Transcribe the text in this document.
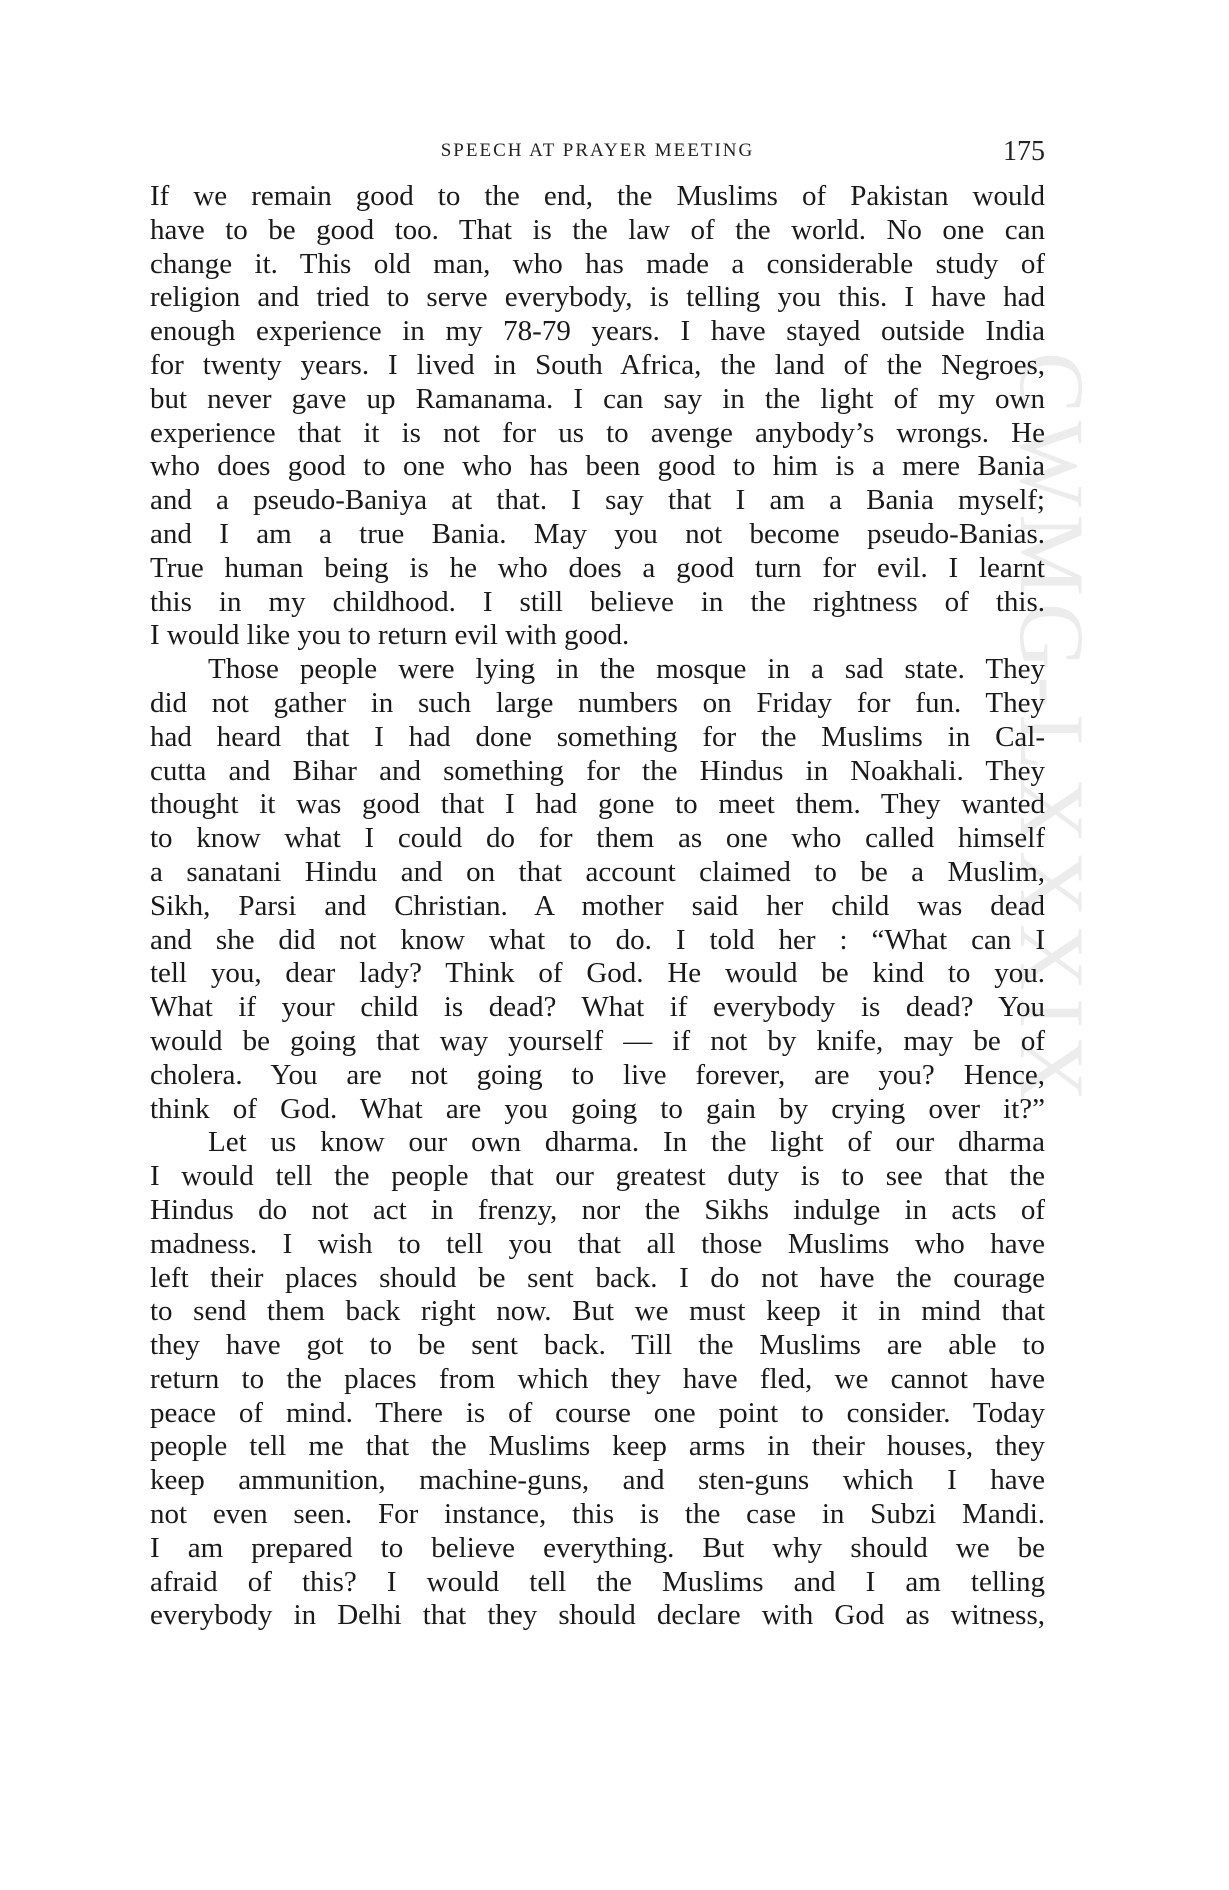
CWMG-LXXXIX
SPEECH AT PRAYER MEETING	175
If we remain good to the end, the Muslims of Pakistan would
have to be good too. That is the law of the world. No one can
change it. This old man, who has made a considerable study of
religion and tried to serve everybody, is telling you this. I have had
enough experience in my 78-79 years. I have stayed outside India
for twenty years. I lived in South Africa, the land of the Negroes,
but never gave up Ramanama. I can say in the light of my own
experience that it is not for us to avenge anybody’s wrongs. He
who does good to one who has been good to him is a mere Bania
and a pseudo-Baniya at that. I say that I am a Bania myself;
and I am a true Bania. May you not become pseudo-Banias.
True human being is he who does a good turn for evil. I learnt
this in my childhood. I still believe in the rightness of this.
I would like you to return evil with good.
Those people were lying in the mosque in a sad state. They
did not gather in such large numbers on Friday for fun. They
had heard that I had done something for the Muslims in Cal-
cutta and Bihar and something for the Hindus in Noakhali. They
thought it was good that I had gone to meet them. They wanted
to know what I could do for them as one who called himself
a sanatani Hindu and on that account claimed to be a Muslim,
Sikh, Parsi and Christian. A mother said her child was dead
and she did not know what to do. I told her : “What can I
tell you, dear lady? Think of God. He would be kind to you.
What if your child is dead? What if everybody is dead? You
would be going that way yourself — if not by knife, may be of
cholera. You are not going to live forever, are you? Hence,
think of God. What are you going to gain by crying over it?”
Let us know our own dharma. In the light of our dharma
I would tell the people that our greatest duty is to see that the
Hindus do not act in frenzy, nor the Sikhs indulge in acts of
madness. I wish to tell you that all those Muslims who have
left their places should be sent back. I do not have the courage
to send them back right now. But we must keep it in mind that
they have got to be sent back. Till the Muslims are able to
return to the places from which they have fled, we cannot have
peace of mind. There is of course one point to consider. Today
people tell me that the Muslims keep arms in their houses, they
keep ammunition, machine-guns, and sten-guns which I have
not even seen. For instance, this is the case in Subzi Mandi.
I am prepared to believe everything. But why should we be
afraid of this? I would tell the Muslims and I am telling
everybody in Delhi that they should declare with God as witness,
